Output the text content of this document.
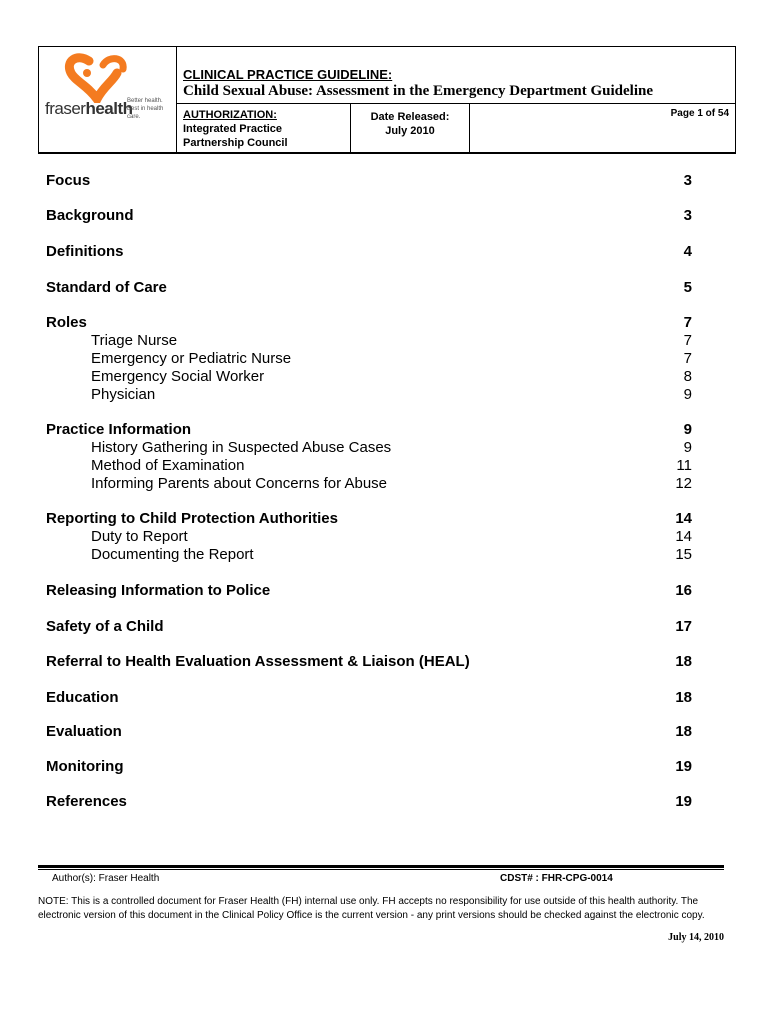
fraserhealth
Better health.
Best in health care.
CLINICAL PRACTICE GUIDELINE:
Child Sexual Abuse: Assessment in the Emergency Department Guideline
AUTHORIZATION:
Integrated Practice
Partnership Council
Date Released:
July 2010
Page 1 of 54
Focus	3
Background	3
Definitions	4
Standard of Care	5
Roles	7
Triage Nurse	7
Emergency or Pediatric Nurse	7
Emergency Social Worker	8
Physician	9
Practice Information	9
History Gathering in Suspected Abuse Cases	9
Method of Examination	11
Informing Parents about Concerns for Abuse	12
Reporting to Child Protection Authorities	14
Duty to Report	14
Documenting the Report	15
Releasing Information to Police	16
Safety of a Child	17
Referral to Health Evaluation Assessment & Liaison (HEAL)	18
Education	18
Evaluation	18
Monitoring	19
References	19
Author(s): Fraser Health	CDST# : FHR-CPG-0014
NOTE: This is a controlled document for Fraser Health (FH) internal use only. FH accepts no responsibility for use outside of this health authority. The electronic version of this document in the Clinical Policy Office is the current version - any print versions should be checked against the electronic copy.
July 14, 2010
